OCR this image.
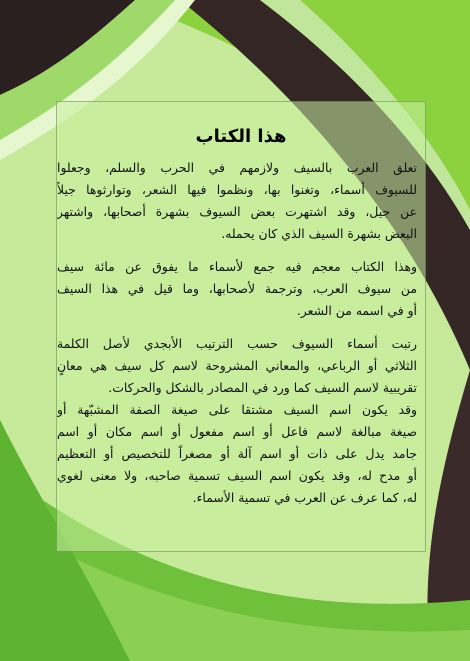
هذا الكتاب
تعلق العرب بالسيف ولازمهم في الحرب والسلم، وجعلوا
للسيوف أسماء، وتغنوا بها، ونظموا فيها الشعر، وتوارثوها جيلاً
عن جيل، وقد اشتهرت بعض السيوف بشهرة أصحابها، واشتهر
البعض بشهرة السيف الذي كان يحمله.
وهذا الكتاب معجم فيه جمع لأسماء ما يفوق عن مائة سيف
من سيوف العرب، وترجمة لأصحابها، وما قيل في هذا السيف
أو في اسمه من الشعر.
رتبت أسماء السيوف حسب الترتيب الأبجدي لأصل الكلمة
الثلاثي أو الرباعي، والمعاني المشروحة لاسم كل سيف هي معانٍ
تقريبية لاسم السيف كما ورد في المصادر بالشكل والحركات.
وقد يكون اسم السيف مشتقا على صيغة الصفة المشبّهة أو
صيغة مبالغة لاسم فاعل أو اسم مفعول أو اسم مكان أو اسم
جامد يدل على ذات أو اسم آلة أو مصغراً للتخصيص أو التعظيم
أو مدح له، وقد يكون اسم السيف تسمية صاحبه، ولا معنى لغوي
له، كما عرف عن العرب في تسمية الأسماء.
